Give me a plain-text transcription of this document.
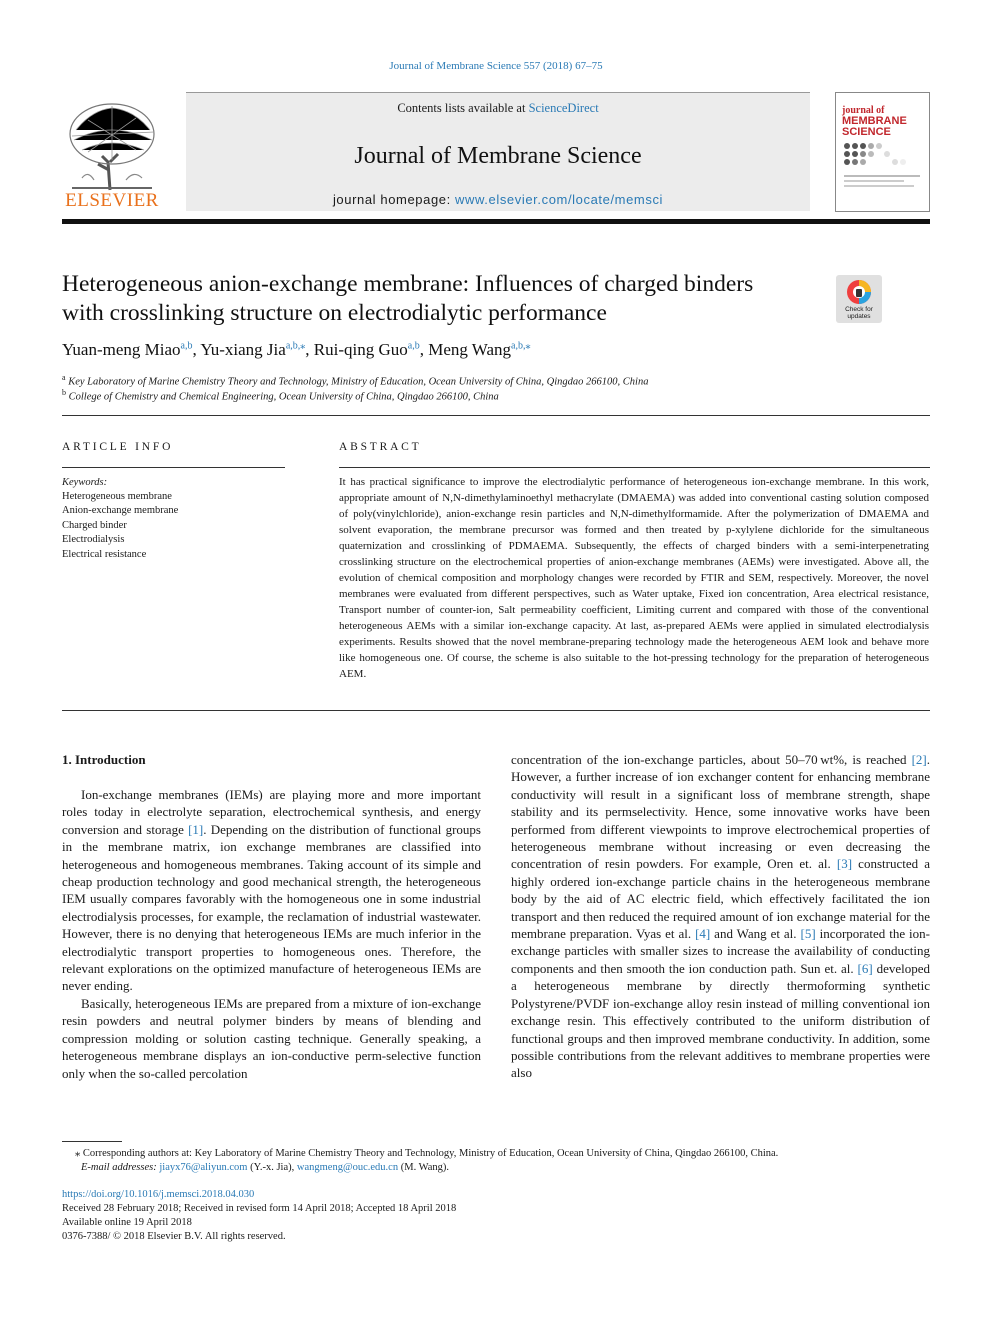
Journal of Membrane Science 557 (2018) 67–75
ELSEVIER
Contents lists available at ScienceDirect
Journal of Membrane Science
journal homepage: www.elsevier.com/locate/memsci
journal of
MEMBRANE
SCIENCE
Heterogeneous anion-exchange membrane: Influences of charged binders
with crosslinking structure on electrodialytic performance	Check for updates
Yuan-meng Miao$^{a,b}$, Yu-xiang Jia$^{a,b,⁎}$, Rui-qing Guo$^{a,b}$, Meng Wang$^{a,b,⁎}$
$^a$ Key Laboratory of Marine Chemistry Theory and Technology, Ministry of Education, Ocean University of China, Qingdao 266100, China
$^b$ College of Chemistry and Chemical Engineering, Ocean University of China, Qingdao 266100, China
ARTICLE INFO
Keywords:
Heterogeneous membrane
Anion-exchange membrane
Charged binder
Electrodialysis
Electrical resistance
ABSTRACT
It has practical significance to improve the electrodialytic performance of heterogeneous ion-exchange membrane. In this work, appropriate amount of N,N-dimethylaminoethyl methacrylate (DMAEMA) was added into conventional casting solution composed of poly(vinylchloride), anion-exchange resin particles and N,N-dimethylformamide. After the polymerization of DMAEMA and solvent evaporation, the membrane precursor was formed and then treated by p-xylylene dichloride for the simultaneous quaternization and crosslinking of PDMAEMA. Subsequently, the effects of charged binders with a semi-interpenetrating crosslinking structure on the electrochemical properties of anion-exchange membranes (AEMs) were investigated. Above all, the evolution of chemical composition and morphology changes were recorded by FTIR and SEM, respectively. Moreover, the novel membranes were evaluated from different perspectives, such as Water uptake, Fixed ion concentration, Area electrical resistance, Transport number of counter-ion, Salt permeability coefficient, Limiting current and compared with those of the conventional heterogeneous AEMs with a similar ion-exchange capacity. At last, as-prepared AEMs were applied in simulated electrodialysis experiments. Results showed that the novel membrane-preparing technology made the heterogeneous AEM look and behave more like homogeneous one. Of course, the scheme is also suitable to the hot-pressing technology for the preparation of heterogeneous AEM.
1. Introduction

Ion-exchange membranes (IEMs) are playing more and more important roles today in electrolyte separation, electrochemical synthesis, and energy conversion and storage [1]. Depending on the distribution of functional groups in the membrane matrix, ion exchange membranes are classified into heterogeneous and homogeneous membranes. Taking account of its simple and cheap production technology and good mechanical strength, the heterogeneous IEM usually compares favorably with the homogeneous one in some industrial electrodialysis processes, for example, the reclamation of industrial wastewater. However, there is no denying that heterogeneous IEMs are much inferior in the electrodialytic transport properties to homogeneous ones. Therefore, the relevant explorations on the optimized manufacture of heterogeneous IEMs are never ending.

Basically, heterogeneous IEMs are prepared from a mixture of ion-exchange resin powders and neutral polymer binders by means of blending and compression molding or solution casting technique. Generally speaking, a heterogeneous membrane displays an ion-conductive perm-selective function only when the so-called percolation

concentration of the ion-exchange particles, about 50–70 wt%, is reached [2]. However, a further increase of ion exchanger content for enhancing membrane conductivity will result in a significant loss of membrane strength, shape stability and its permselectivity. Hence, some innovative works have been performed from different viewpoints to improve electrochemical properties of heterogeneous membrane without increasing or even decreasing the concentration of resin powders. For example, Oren et. al. [3] constructed a highly ordered ion-exchange particle chains in the heterogeneous membrane body by the aid of AC electric field, which effectively facilitated the ion transport and then reduced the required amount of ion exchange material for the membrane preparation. Vyas et al. [4] and Wang et al. [5] incorporated the ion-exchange particles with smaller sizes to increase the availability of conducting components and then smooth the ion conduction path. Sun et. al. [6] developed a heterogeneous membrane by directly thermoforming synthetic Polystyrene/PVDF ion-exchange alloy resin instead of milling conventional ion exchange resin. This effectively contributed to the uniform distribution of functional groups and then improved membrane conductivity. In addition, some possible contributions from the relevant additives to membrane properties were also

⁎ Corresponding authors at: Key Laboratory of Marine Chemistry Theory and Technology, Ministry of Education, Ocean University of China, Qingdao 266100, China.
E-mail addresses: jiayx76@aliyun.com (Y.-x. Jia), wangmeng@ouc.edu.cn (M. Wang).
https://doi.org/10.1016/j.memsci.2018.04.030
Received 28 February 2018; Received in revised form 14 April 2018; Accepted 18 April 2018
Available online 19 April 2018
0376-7388/ © 2018 Elsevier B.V. All rights reserved.
